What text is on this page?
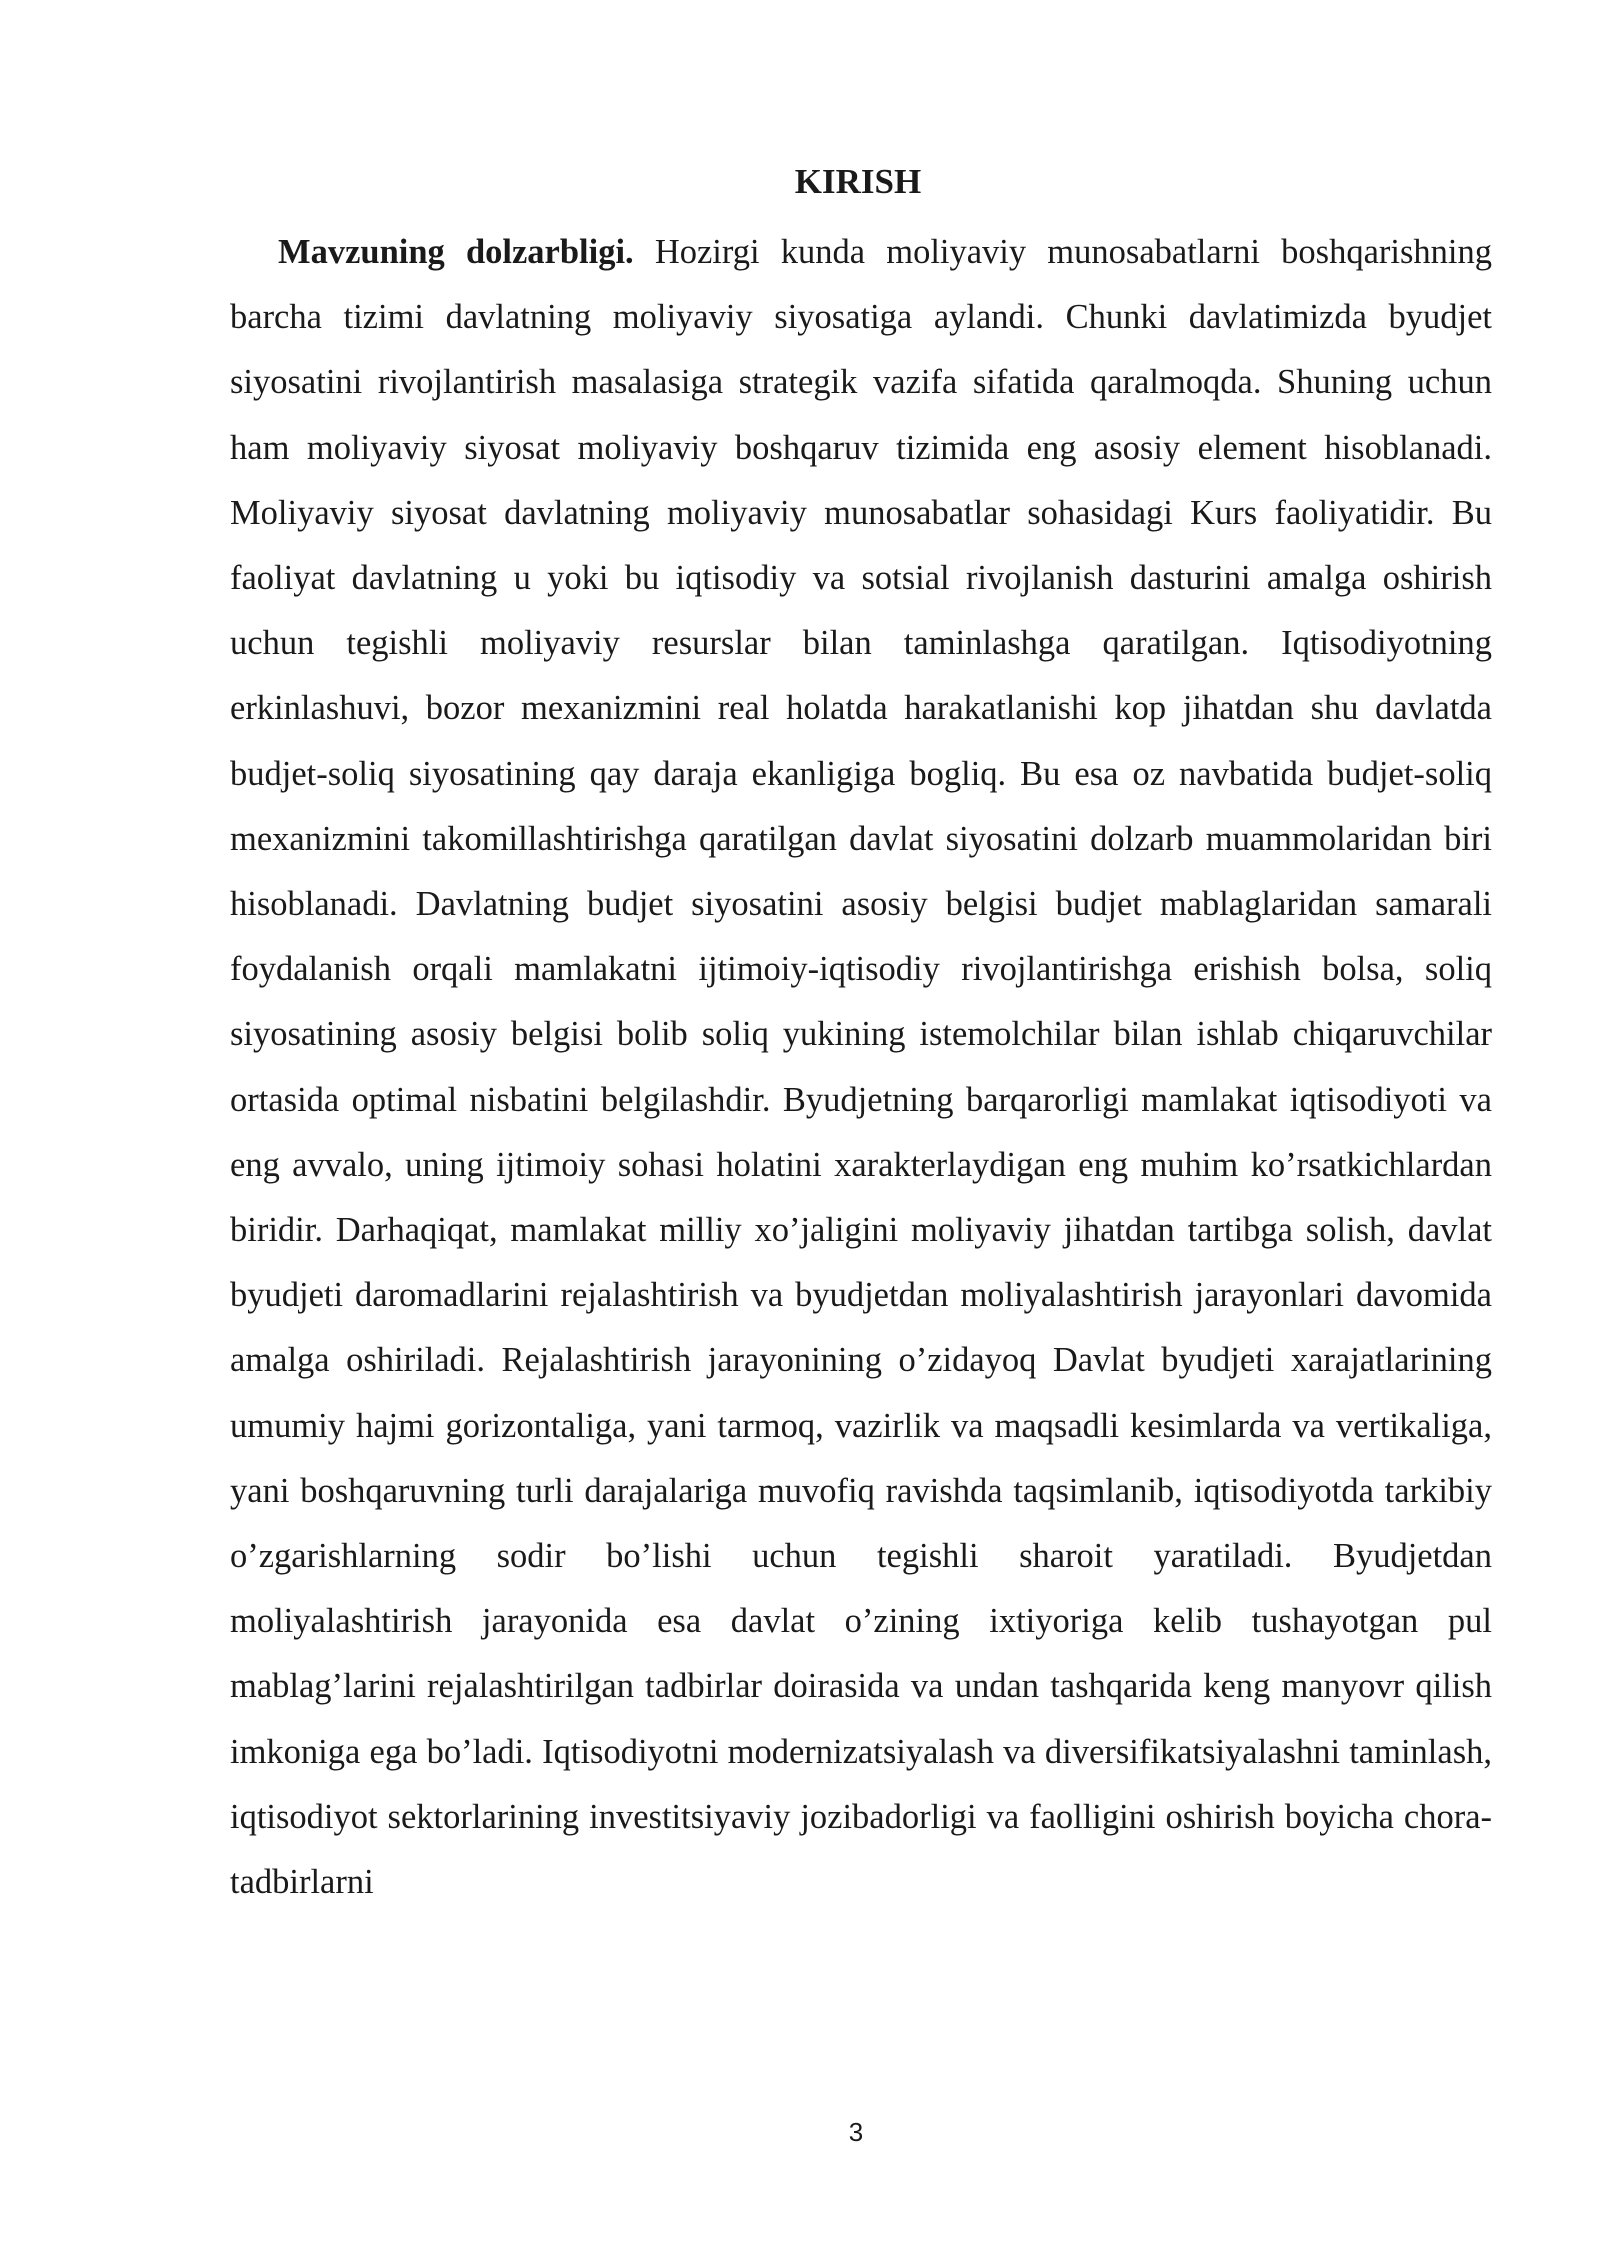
KIRISH

Mavzuning dolzarbligi. Hozirgi kunda moliyaviy munosabatlarni boshqarishning barcha tizimi davlatning moliyaviy siyosatiga aylandi. Chunki davlatimizda byudjet siyosatini rivojlantirish masalasiga strategik vazifa sifatida qaralmoqda. Shuning uchun ham moliyaviy siyosat moliyaviy boshqaruv tizimida eng asosiy element hisoblanadi. Moliyaviy siyosat davlatning moliyaviy munosabatlar sohasidagi Kurs faoliyatidir. Bu faoliyat davlatning u yoki bu iqtisodiy va sotsial rivojlanish dasturini amalga oshirish uchun tegishli moliyaviy resurslar bilan taminlashga qaratilgan. Iqtisodiyotning erkinlashuvi, bozor mexanizmini real holatda harakatlanishi kop jihatdan shu davlatda budjet-soliq siyosatining qay daraja ekanligiga bogliq. Bu esa oz navbatida budjet-soliq mexanizmini takomillashtirishga qaratilgan davlat siyosatini dolzarb muammolaridan biri hisoblanadi. Davlatning budjet siyosatini asosiy belgisi budjet mablaglaridan samarali foydalanish orqali mamlakatni ijtimoiy-iqtisodiy rivojlantirishga erishish bolsa, soliq siyosatining asosiy belgisi bolib soliq yukining istemolchilar bilan ishlab chiqaruvchilar ortasida optimal nisbatini belgilashdir. Byudjetning barqarorligi mamlakat iqtisodiyoti va eng avvalo, uning ijtimoiy sohasi holatini xarakterlaydigan eng muhim ko’rsatkichlardan biridir. Darhaqiqat, mamlakat milliy xo’jaligini moliyaviy jihatdan tartibga solish, davlat byudjeti daromadlarini rejalashtirish va byudjetdan moliyalashtirish jarayonlari davomida amalga oshiriladi. Rejalashtirish jarayonining o’zidayoq Davlat byudjeti xarajatlarining umumiy hajmi gorizontaliga, yani tarmoq, vazirlik va maqsadli kesimlarda va vertikaliga, yani boshqaruvning turli darajalariga muvofiq ravishda taqsimlanib, iqtisodiyotda tarkibiy o’zgarishlarning sodir bo’lishi uchun tegishli sharoit yaratiladi. Byudjetdan moliyalashtirish jarayonida esa davlat o’zining ixtiyoriga kelib tushayotgan pul mablag’larini rejalashtirilgan tadbirlar doirasida va undan tashqarida keng manyovr qilish imkoniga ega bo’ladi. Iqtisodiyotni modernizatsiyalash va diversifikatsiyalashni taminlash, iqtisodiyot sektorlarining investitsiyaviy jozibadorligi va faolligini oshirish boyicha chora-tadbirlarni

3
